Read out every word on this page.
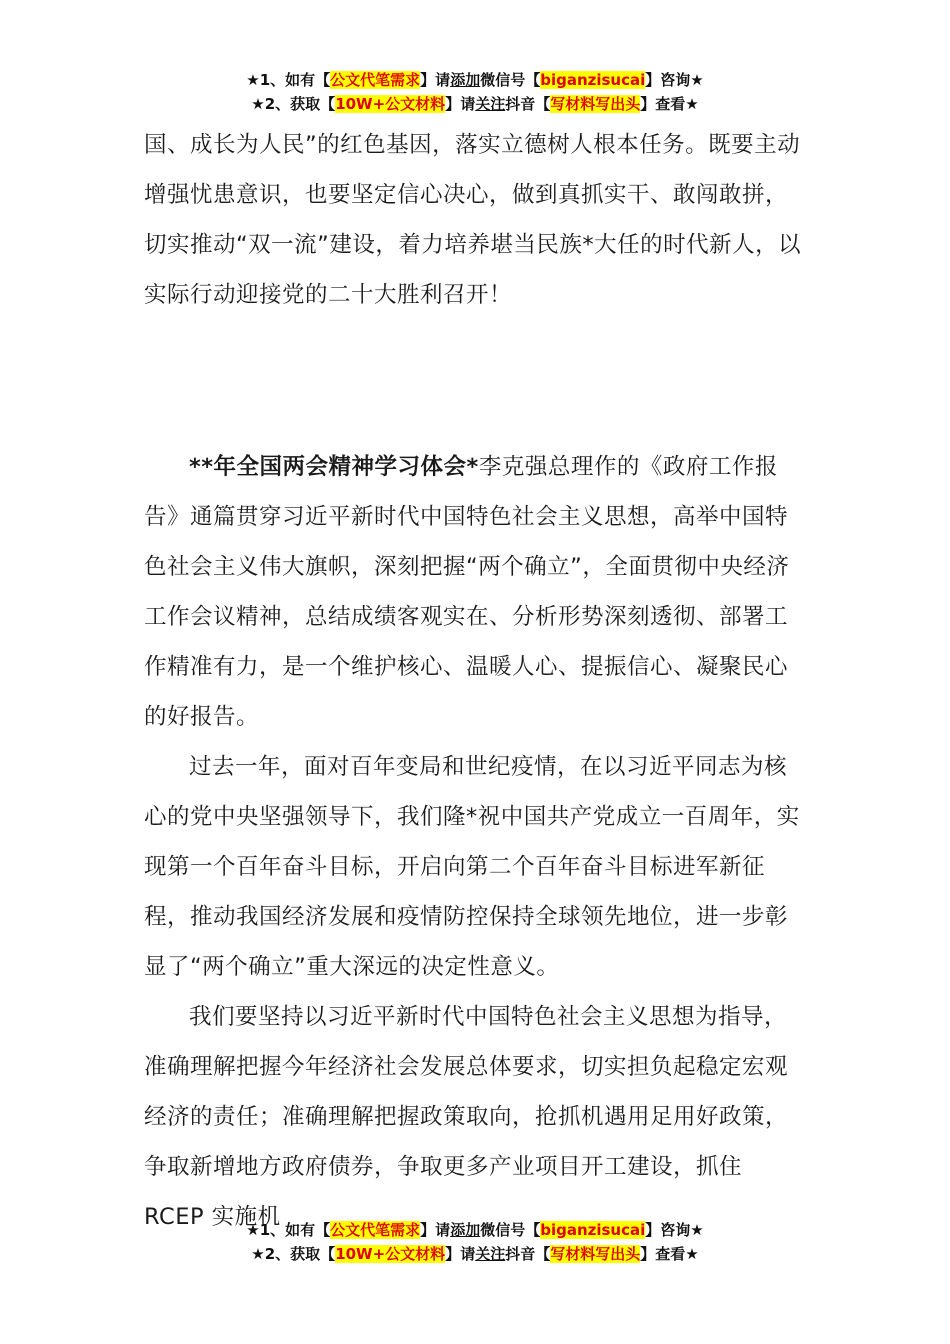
★1、如有【公文代笔需求】请添加微信号【biganzisucai】咨询★
★2、获取【10W+公文材料】请关注抖音【写材料写出头】查看★

国、成长为人民”的红色基因，落实立德树人根本任务。既要主动增强忧患意识，也要坚定信心决心，做到真抓实干、敢闯敢拼，切实推动“双一流”建设，着力培养堪当民族*大任的时代新人，以实际行动迎接党的二十大胜利召开！

**年全国两会精神学习体会*李克强总理作的《政府工作报告》通篇贯穿习近平新时代中国特色社会主义思想，高举中国特色社会主义伟大旗帜，深刻把握“两个确立”，全面贯彻中央经济工作会议精神，总结成绩客观实在、分析形势深刻透彻、部署工作精准有力，是一个维护核心、温暖人心、提振信心、凝聚民心的好报告。

过去一年，面对百年变局和世纪疫情，在以习近平同志为核心的党中央坚强领导下，我们隆*祝中国共产党成立一百周年，实现第一个百年奋斗目标，开启向第二个百年奋斗目标进军新征程，推动我国经济发展和疫情防控保持全球领先地位，进一步彰显了“两个确立”重大深远的决定性意义。

我们要坚持以习近平新时代中国特色社会主义思想为指导，准确理解把握今年经济社会发展总体要求，切实担负起稳定宏观经济的责任；准确理解把握政策取向，抢抓机遇用足用好政策，争取新增地方政府债券，争取更多产业项目开工建设，抓住 RCEP 实施机

★1、如有【公文代笔需求】请添加微信号【biganzisucai】咨询★
★2、获取【10W+公文材料】请关注抖音【写材料写出头】查看★
